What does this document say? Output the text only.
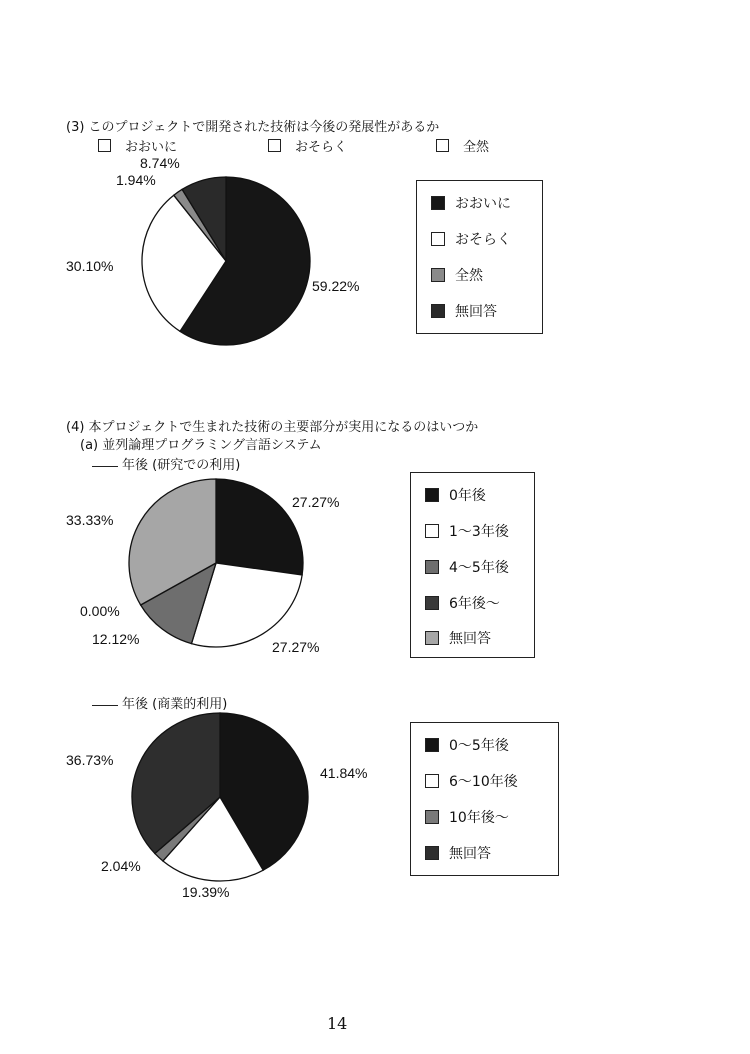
(3) このプロジェクトで開発された技術は今後の発展性があるか
おおいに	おそらく	全然
59.22%
30.10%
1.94%
8.74%
おおいに
おそらく
全然
無回答
(4) 本プロジェクトで生まれた技術の主要部分が実用になるのはいつか
(a) 並列論理プログラミング言語システム
年後 (研究での利用)
27.27%
27.27%
12.12%
0.00%
33.33%
0年後
1～3年後
4～5年後
6年後～
無回答
年後 (商業的利用)
41.84%
19.39%
2.04%
36.73%
0～5年後
6～10年後
10年後～
無回答
14
